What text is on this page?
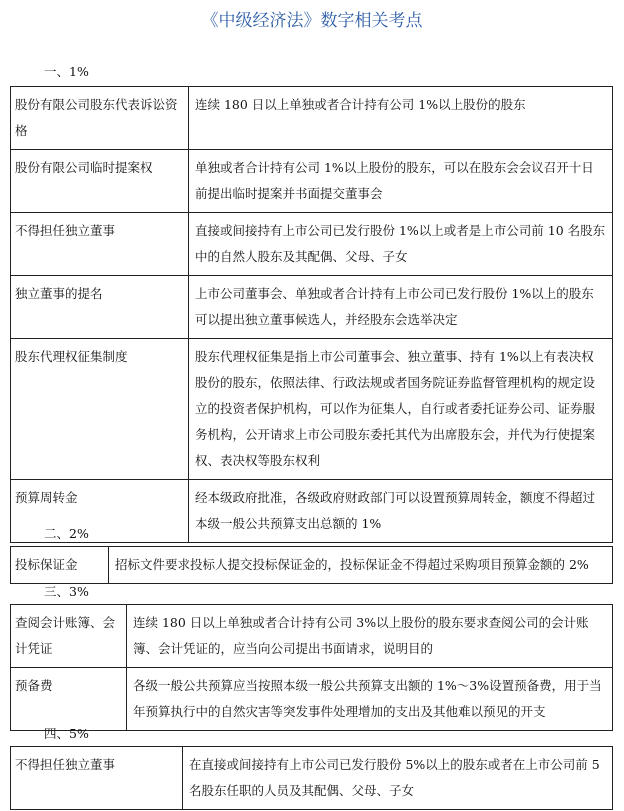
《中级经济法》数字相关考点
一、1%
股份有限公司股东代表诉讼资格	连续 180 日以上单独或者合计持有公司 1%以上股份的股东
股份有限公司临时提案权	单独或者合计持有公司 1%以上股份的股东，可以在股东会会议召开十日前提出临时提案并书面提交董事会
不得担任独立董事	直接或间接持有上市公司已发行股份 1%以上或者是上市公司前 10 名股东中的自然人股东及其配偶、父母、子女
独立董事的提名	上市公司董事会、单独或者合计持有上市公司已发行股份 1%以上的股东可以提出独立董事候选人，并经股东会选举决定
股东代理权征集制度	股东代理权征集是指上市公司董事会、独立董事、持有 1%以上有表决权股份的股东，依照法律、行政法规或者国务院证券监督管理机构的规定设立的投资者保护机构，可以作为征集人，自行或者委托证券公司、证券服务机构，公开请求上市公司股东委托其代为出席股东会，并代为行使提案权、表决权等股东权利
预算周转金	经本级政府批准，各级政府财政部门可以设置预算周转金，额度不得超过本级一般公共预算支出总额的 1%
二、2%
投标保证金	招标文件要求投标人提交投标保证金的，投标保证金不得超过采购项目预算金额的 2%
三、3%
查阅会计账簿、会计凭证	连续 180 日以上单独或者合计持有公司 3%以上股份的股东要求查阅公司的会计账簿、会计凭证的，应当向公司提出书面请求，说明目的
预备费	各级一般公共预算应当按照本级一般公共预算支出额的 1%～3%设置预备费，用于当年预算执行中的自然灾害等突发事件处理增加的支出及其他难以预见的开支
四、5%
不得担任独立董事	在直接或间接持有上市公司已发行股份 5%以上的股东或者在上市公司前 5 名股东任职的人员及其配偶、父母、子女
